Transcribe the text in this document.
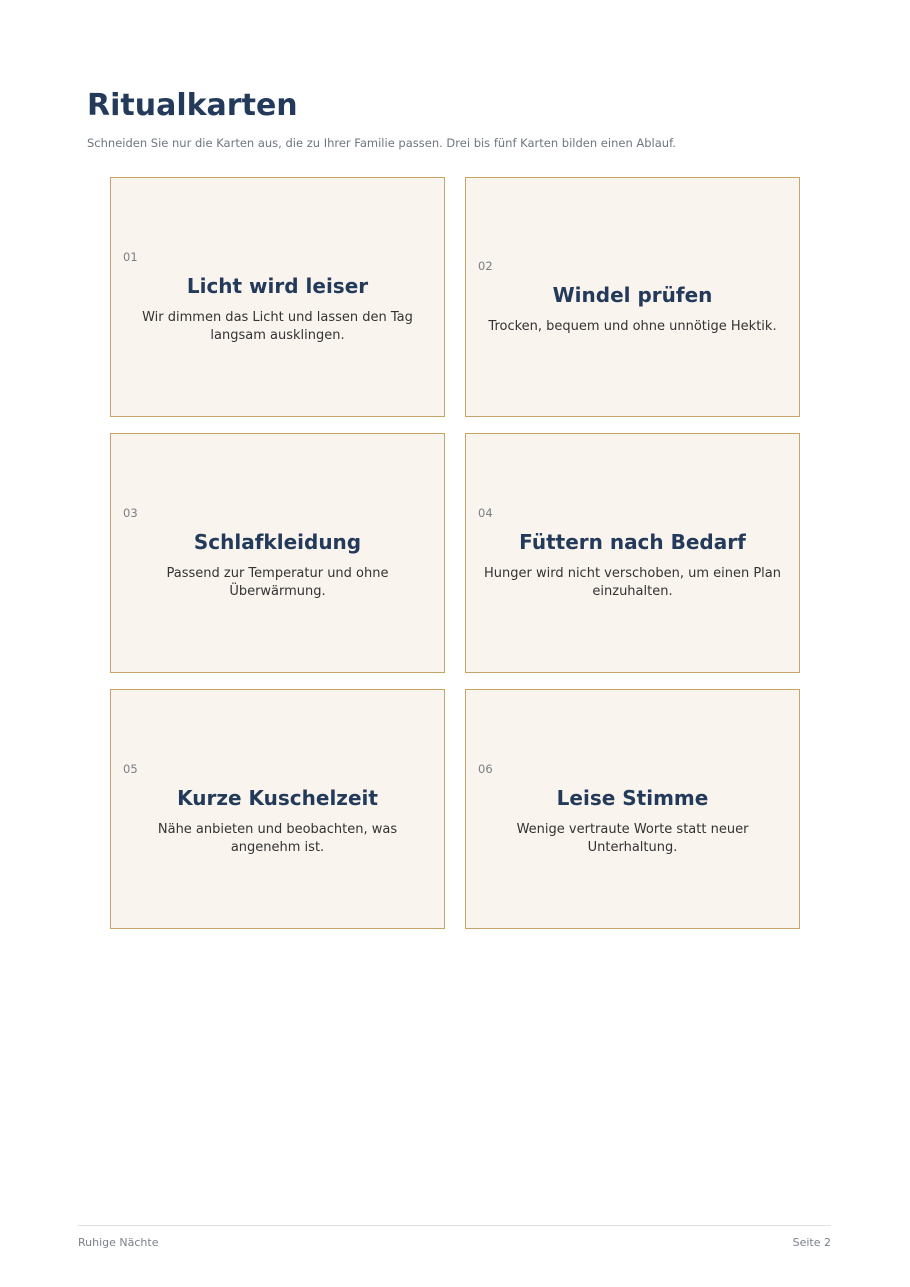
Ritualkarten

Schneiden Sie nur die Karten aus, die zu Ihrer Familie passen. Drei bis fünf Karten bilden einen Ablauf.

01
Licht wird leiser

Wir dimmen das Licht und lassen den Tag langsam ausklingen.

02
Windel prüfen

Trocken, bequem und ohne unnötige Hektik.

03
Schlafkleidung

Passend zur Temperatur und ohne Überwärmung.

04
Füttern nach Bedarf

Hunger wird nicht verschoben, um einen Plan einzuhalten.

05
Kurze Kuschelzeit

Nähe anbieten und beobachten, was angenehm ist.

06
Leise Stimme

Wenige vertraute Worte statt neuer Unterhaltung.

Ruhige Nächte	Seite 2
